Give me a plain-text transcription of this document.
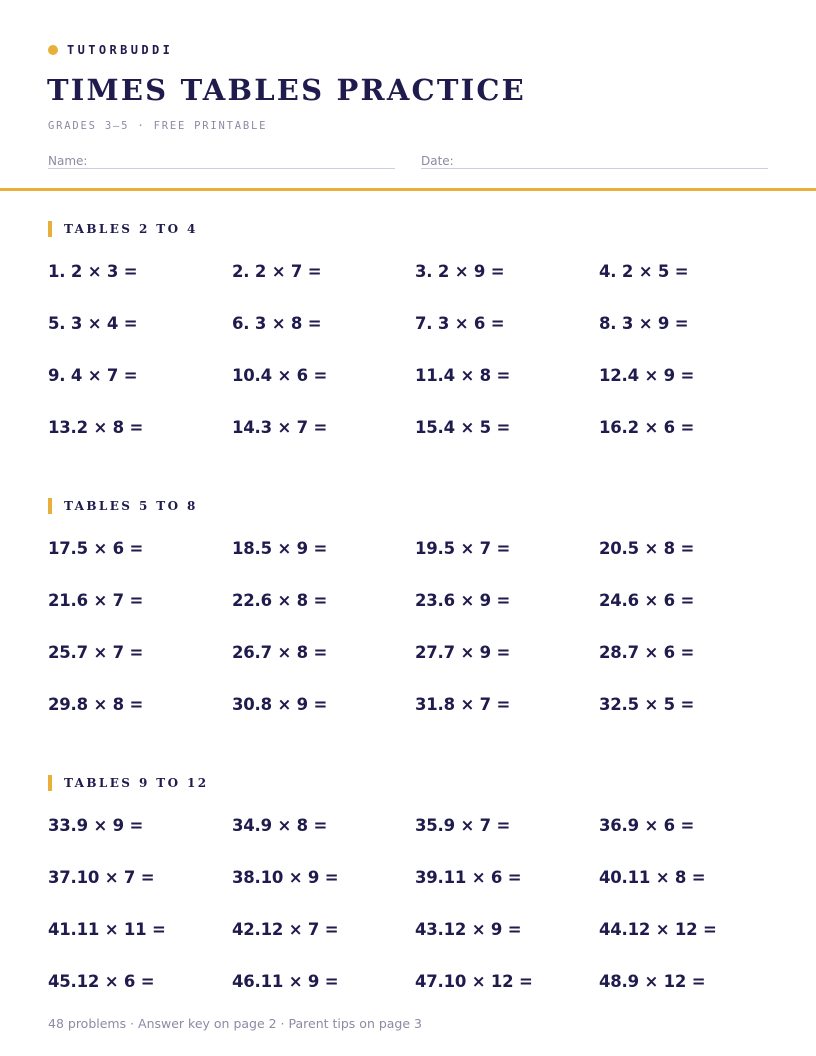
TUTORBUDDI
TIMES TABLES PRACTICE
GRADES 3–5 · FREE PRINTABLE
Name:	Date:
TABLES 2 TO 4
1. 2 × 3 =	2. 2 × 7 =	3. 2 × 9 =	4. 2 × 5 =
5. 3 × 4 =	6. 3 × 8 =	7. 3 × 6 =	8. 3 × 9 =
9. 4 × 7 =	10.4 × 6 =	11.4 × 8 =	12.4 × 9 =
13.2 × 8 =	14.3 × 7 =	15.4 × 5 =	16.2 × 6 =
TABLES 5 TO 8
17.5 × 6 =	18.5 × 9 =	19.5 × 7 =	20.5 × 8 =
21.6 × 7 =	22.6 × 8 =	23.6 × 9 =	24.6 × 6 =
25.7 × 7 =	26.7 × 8 =	27.7 × 9 =	28.7 × 6 =
29.8 × 8 =	30.8 × 9 =	31.8 × 7 =	32.5 × 5 =
TABLES 9 TO 12
33.9 × 9 =	34.9 × 8 =	35.9 × 7 =	36.9 × 6 =
37.10 × 7 =	38.10 × 9 =	39.11 × 6 =	40.11 × 8 =
41.11 × 11 =	42.12 × 7 =	43.12 × 9 =	44.12 × 12 =
45.12 × 6 =	46.11 × 9 =	47.10 × 12 =	48.9 × 12 =
48 problems · Answer key on page 2 · Parent tips on page 3
